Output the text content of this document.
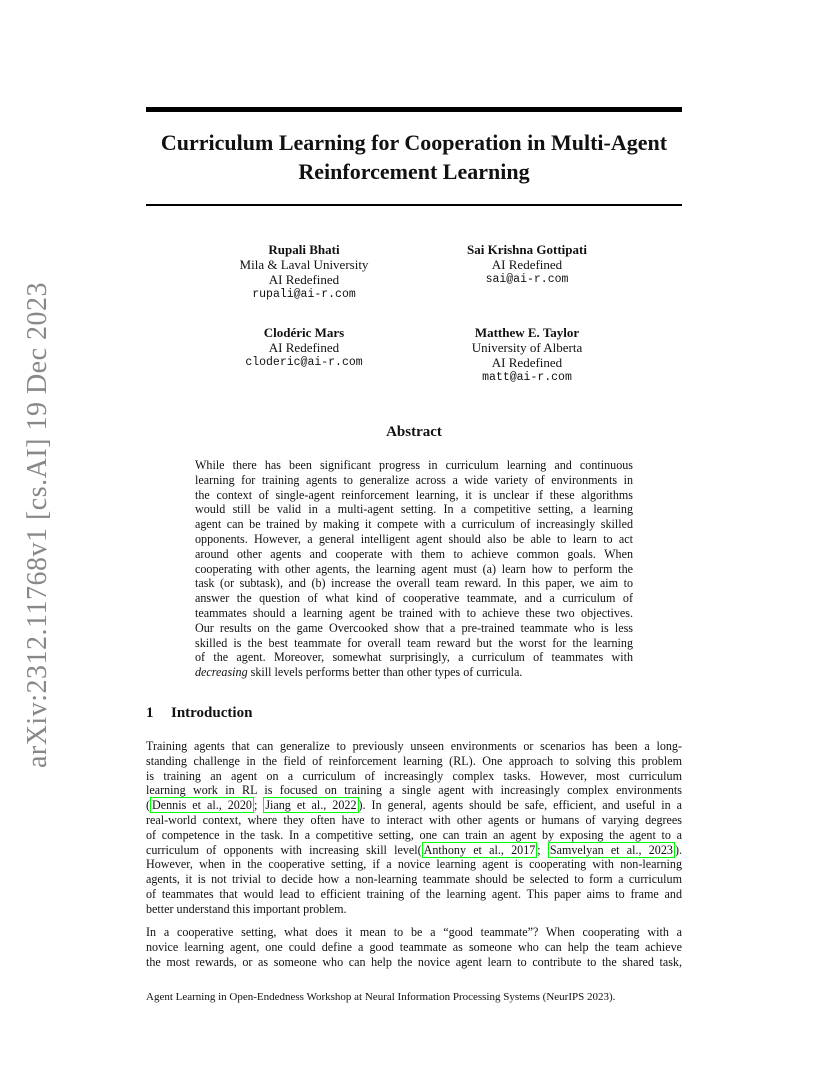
Curriculum Learning for Cooperation in Multi-Agent
Reinforcement Learning
arXiv:2312.11768v1 [cs.AI] 19 Dec 2023
Rupali Bhati
Mila & Laval University
AI Redefined
rupali@ai-r.com
Sai Krishna Gottipati
AI Redefined
sai@ai-r.com
Clodéric Mars
AI Redefined
cloderic@ai-r.com
Matthew E. Taylor
University of Alberta
AI Redefined
matt@ai-r.com
Abstract
While there has been significant progress in curriculum learning and continuous
learning for training agents to generalize across a wide variety of environments in
the context of single-agent reinforcement learning, it is unclear if these algorithms
would still be valid in a multi-agent setting. In a competitive setting, a learning
agent can be trained by making it compete with a curriculum of increasingly skilled
opponents. However, a general intelligent agent should also be able to learn to act
around other agents and cooperate with them to achieve common goals. When
cooperating with other agents, the learning agent must (a) learn how to perform the
task (or subtask), and (b) increase the overall team reward. In this paper, we aim to
answer the question of what kind of cooperative teammate, and a curriculum of
teammates should a learning agent be trained with to achieve these two objectives.
Our results on the game Overcooked show that a pre-trained teammate who is less
skilled is the best teammate for overall team reward but the worst for the learning
of the agent. Moreover, somewhat surprisingly, a curriculum of teammates with
decreasing skill levels performs better than other types of curricula.
1 Introduction
Training agents that can generalize to previously unseen environments or scenarios has been a long-
standing challenge in the field of reinforcement learning (RL). One approach to solving this problem
is training an agent on a curriculum of increasingly complex tasks. However, most curriculum
learning work in RL is focused on training a single agent with increasingly complex environments
( Dennis et al., 2020 ; Jiang et al., 2022 ). In general, agents should be safe, efficient, and useful in a
real-world context, where they often have to interact with other agents or humans of varying degrees
of competence in the task. In a competitive setting, one can train an agent by exposing the agent to a
curriculum of opponents with increasing skill level( Anthony et al., 2017 ; Samvelyan et al., 2023 ).
However, when in the cooperative setting, if a novice learning agent is cooperating with non-learning
agents, it is not trivial to decide how a non-learning teammate should be selected to form a curriculum
of teammates that would lead to efficient training of the learning agent. This paper aims to frame and
better understand this important problem.
In a cooperative setting, what does it mean to be a “good teammate”? When cooperating with a
novice learning agent, one could define a good teammate as someone who can help the team achieve
the most rewards, or as someone who can help the novice agent learn to contribute to the shared task,
Agent Learning in Open-Endedness Workshop at Neural Information Processing Systems (NeurIPS 2023).
